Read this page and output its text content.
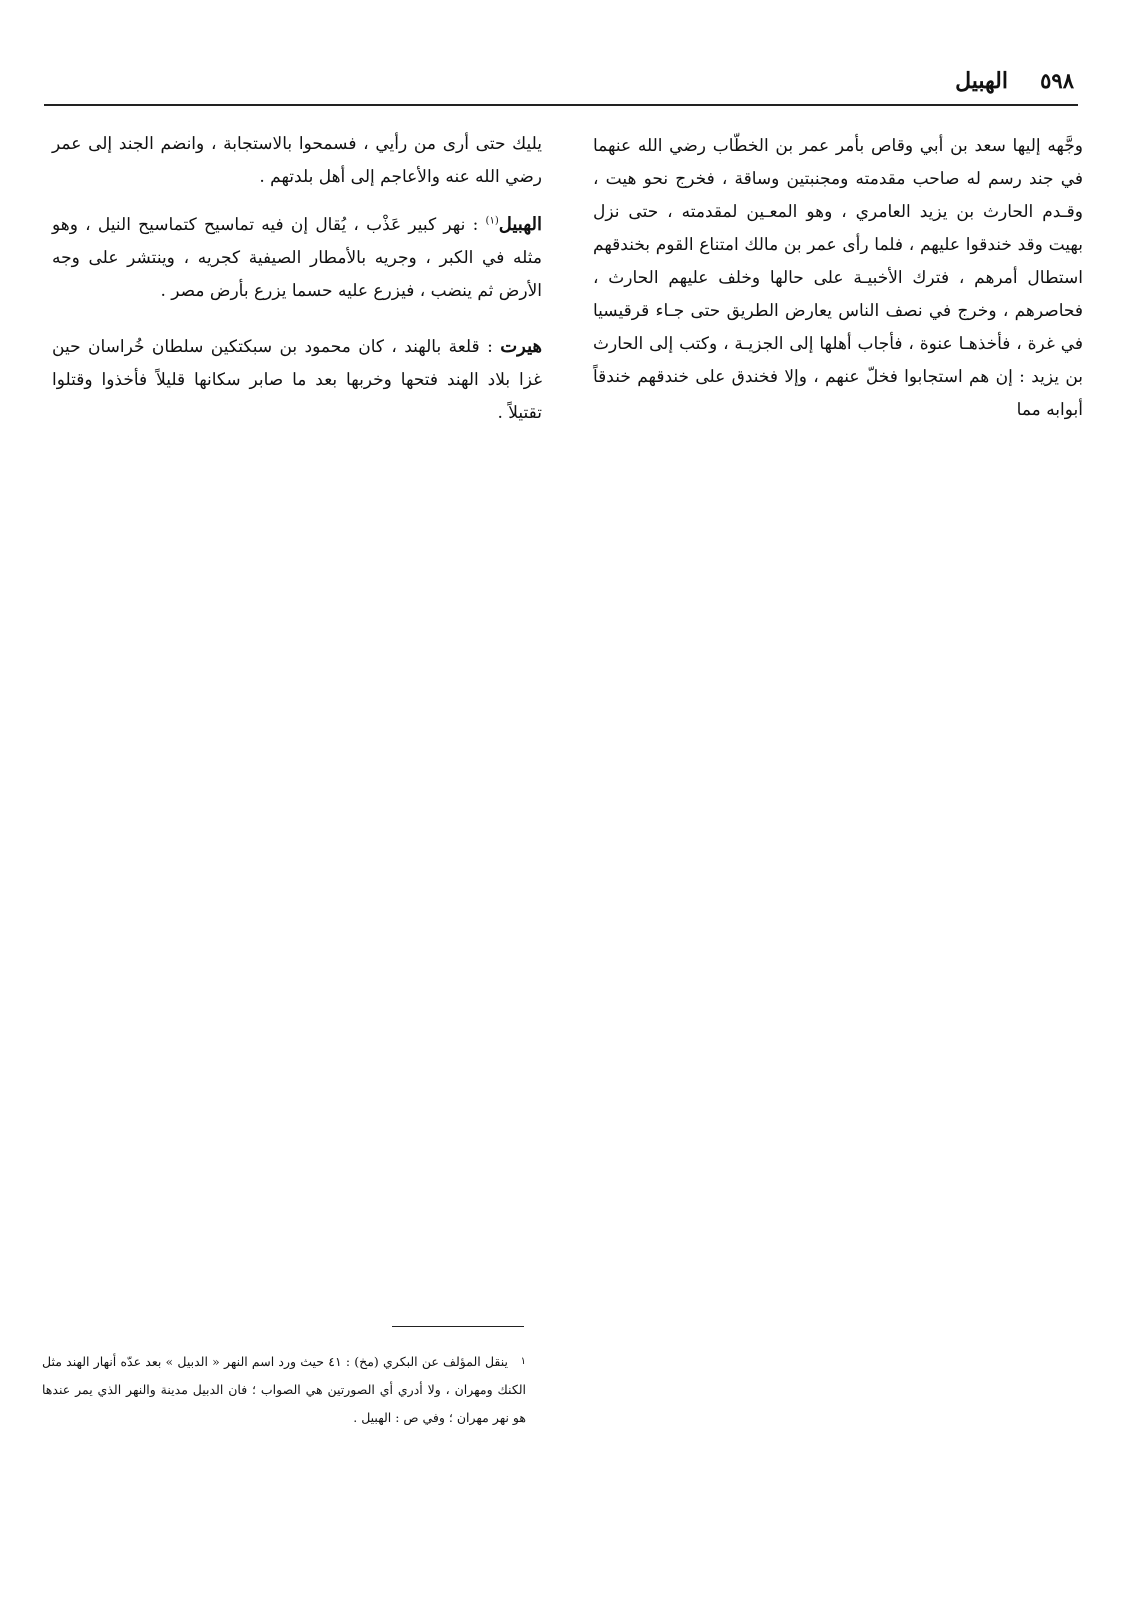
٥٩٨
الهبيل

وجَّهه إليها سعد بن أبي وقاص بأمر عمر بن الخطّاب رضي الله عنهما في جند رسم له صاحب مقدمته ومجنبتين وساقة ، فخرج نحو هيت ، وقـدم الحارث بن يزيد العامري ، وهو المعـين لمقدمته ، حتى نزل بهيت وقد خندقوا عليهم ، فلما رأى عمر بن مالك امتناع القوم بخندقهم استطال أمرهم ، فترك الأخبيـة على حالها وخلف عليهم الحارث ، فحاصرهم ، وخرج في نصف الناس يعارض الطريق حتى جـاء قرقيسيا في غرة ، فأخذهـا عنوة ، فأجاب أهلها إلى الجزيـة ، وكتب إلى الحارث بن يزيد : إن هم استجابوا فخلّ عنهم ، وإلا فخندق على خندقهم خندقاً أبوابه مما

يليك حتى أرى من رأيي ، فسمحوا بالاستجابة ، وانضم الجند إلى عمر رضي الله عنه والأعاجم إلى أهل بلدتهم .

الهبيل$^{(١)}$ : نهر كبير عَذْب ، يُقال إن فيه تماسيح كتماسيح النيل ، وهو مثله في الكبر ، وجريه بالأمطار الصيفية كجريه ، وينتشر على وجه الأرض ثم ينضب ، فيزرع عليه حسما يزرع بأرض مصر .

هيرت : قلعة بالهند ، كان محمود بن سبكتكين سلطان خُراسان حين غزا بلاد الهند فتحها وخربها بعد ما صابر سكانها قليلاً فأخذوا وقتلوا تقتيلاً .

١ينقل المؤلف عن البكري (مخ) : ٤١ حيث ورد اسم النهر « الدبيل » بعد عدّه أنهار الهند مثل الكنك ومهران ، ولا أدري أي الصورتين هي الصواب ؛ فان الدبيل مدينة والنهر الذي يمر عندها هو نهر مهران ؛ وفي ص : الهبيل .
